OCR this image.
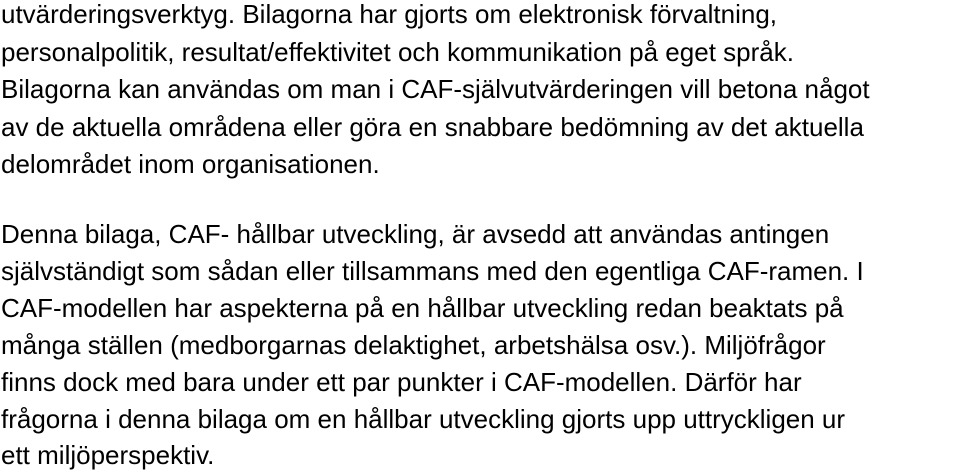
utvärderingsverktyg. Bilagorna har gjorts om elektronisk förvaltning,
personalpolitik, resultat/effektivitet och kommunikation på eget språk.
Bilagorna kan användas om man i CAF-självutvärderingen vill betona något
av de aktuella områdena eller göra en snabbare bedömning av det aktuella
delområdet inom organisationen.
Denna bilaga, CAF- hållbar utveckling, är avsedd att användas antingen
självständigt som sådan eller tillsammans med den egentliga CAF-ramen. I
CAF-modellen har aspekterna på en hållbar utveckling redan beaktats på
många ställen (medborgarnas delaktighet, arbetshälsa osv.). Miljöfrågor
finns dock med bara under ett par punkter i CAF-modellen. Därför har
frågorna i denna bilaga om en hållbar utveckling gjorts upp uttryckligen ur
ett miljöperspektiv.
